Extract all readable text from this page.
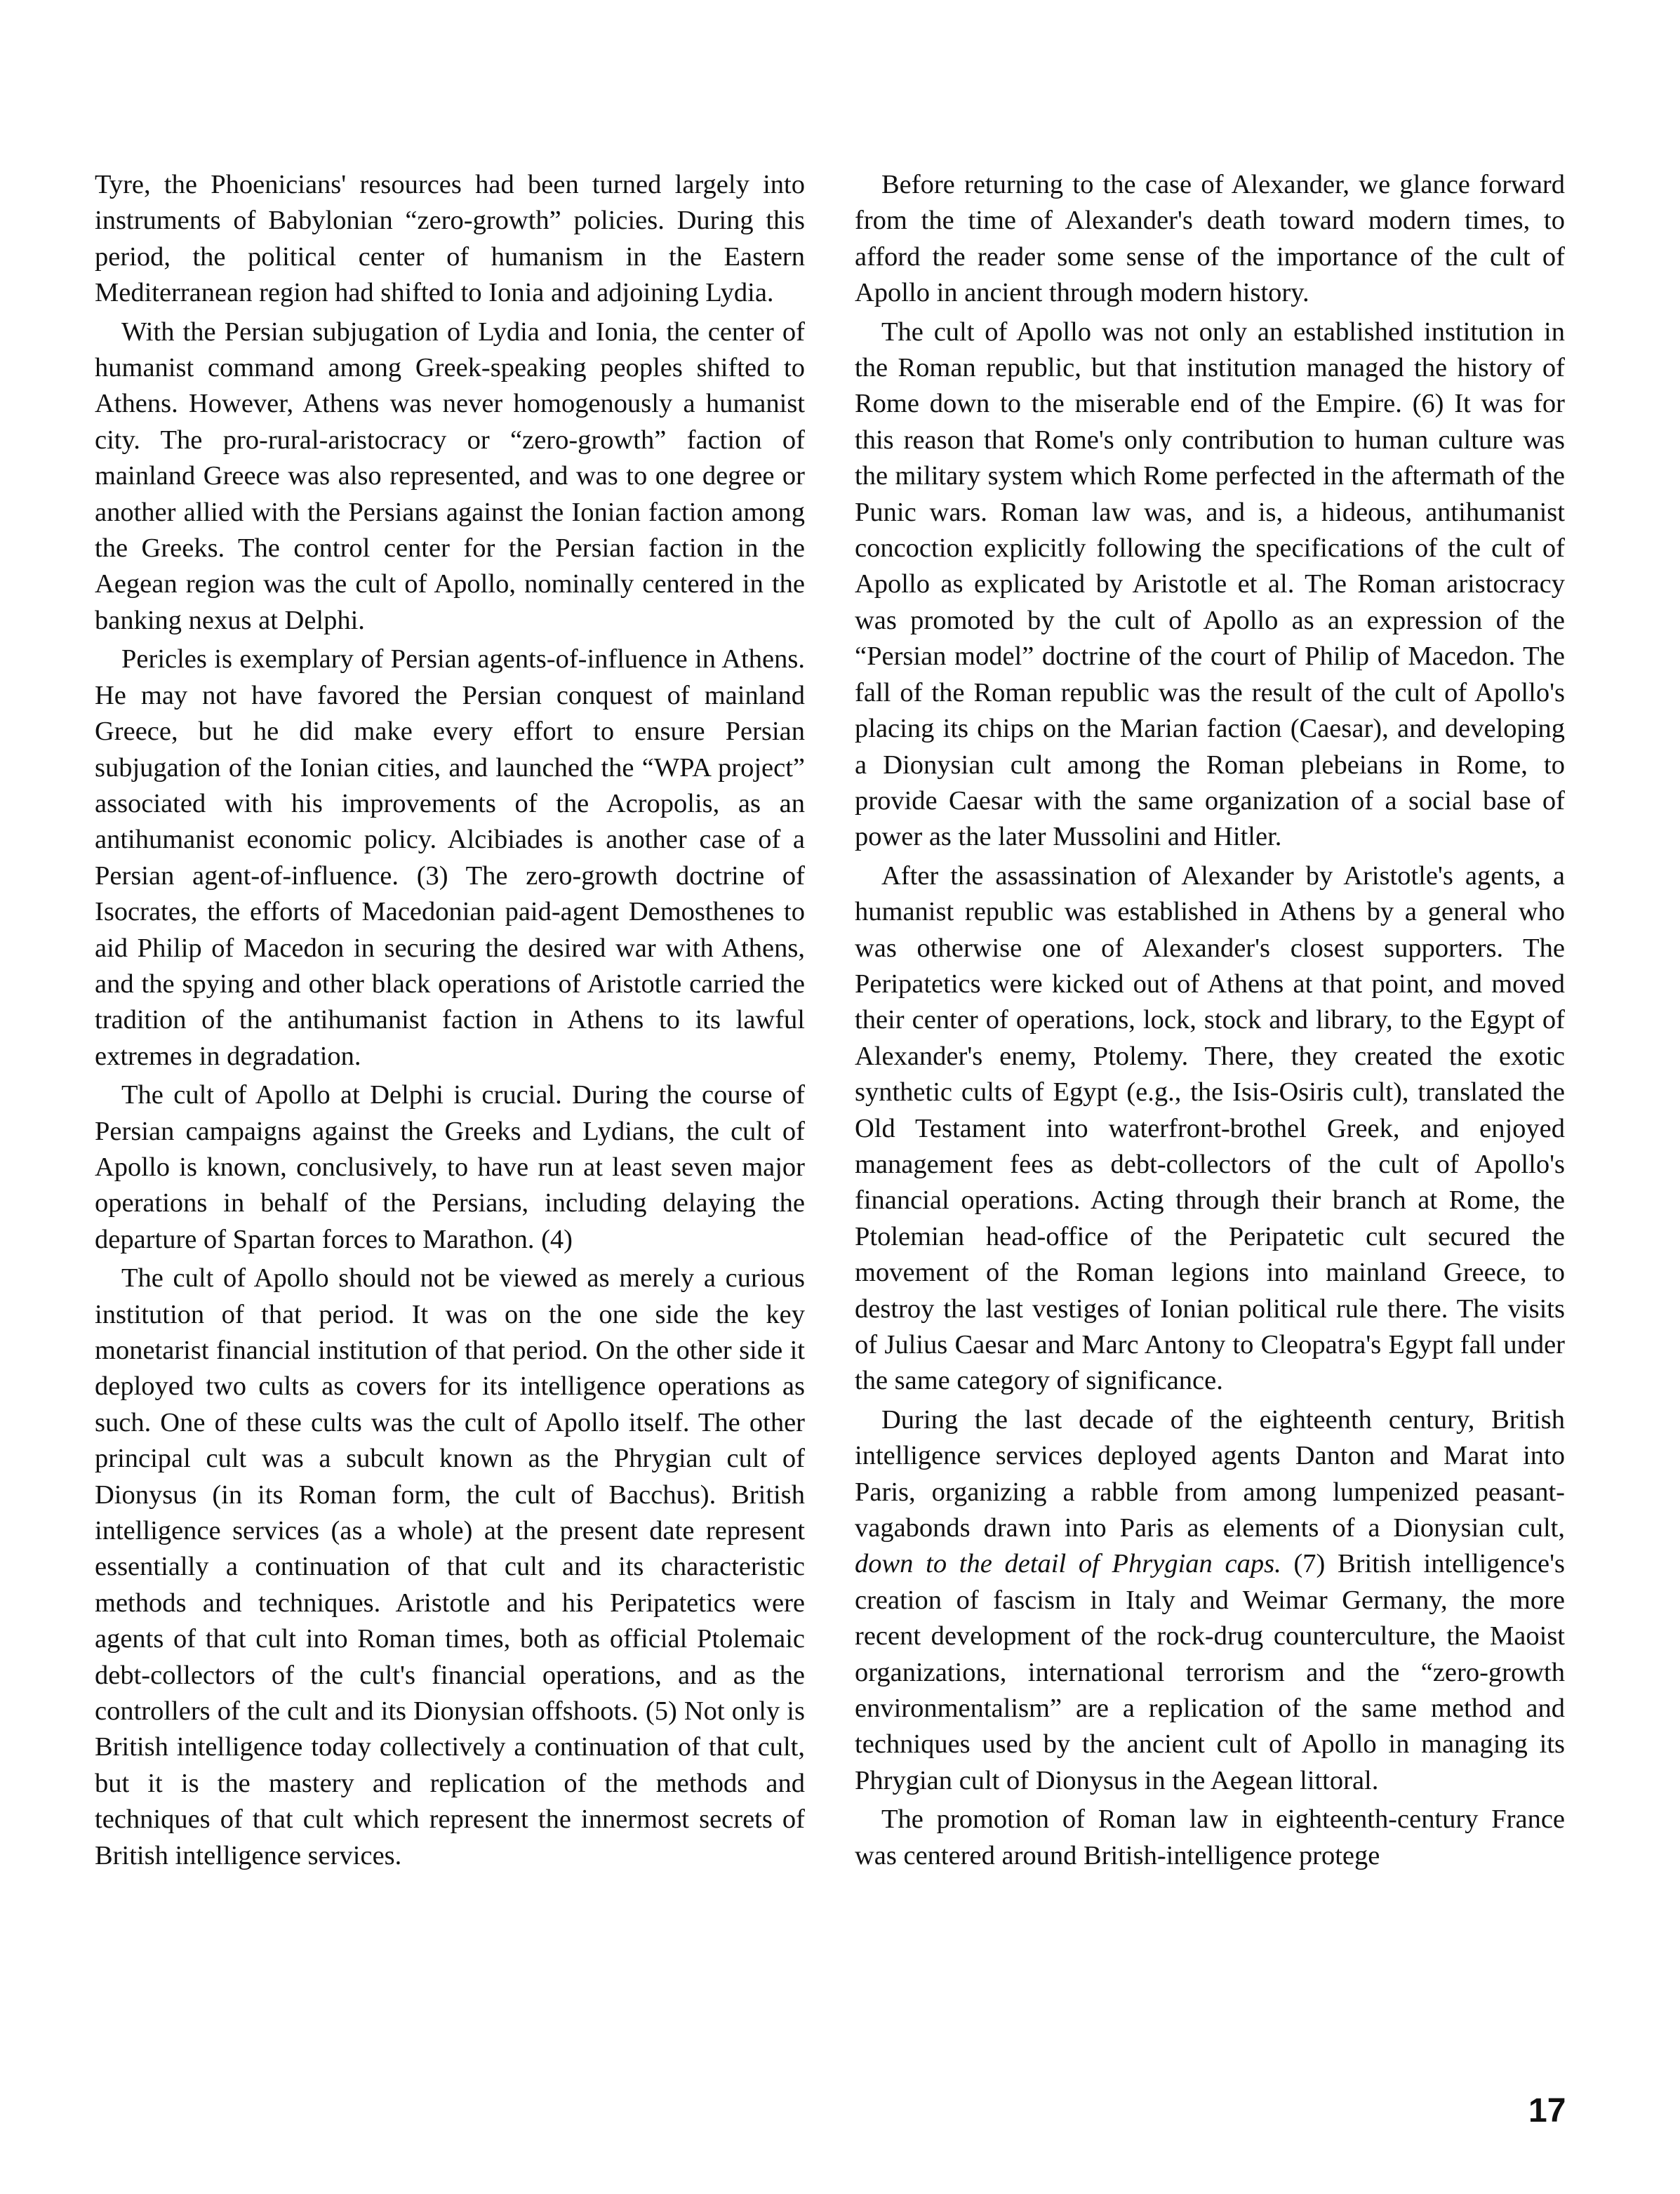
Tyre, the Phoenicians' resources had been turned largely into instruments of Babylonian “zero-growth” policies. During this period, the political center of humanism in the Eastern Mediterranean region had shifted to Ionia and adjoining Lydia.

With the Persian subjugation of Lydia and Ionia, the center of humanist command among Greek-speaking peoples shifted to Athens. However, Athens was never homogenously a humanist city. The pro-rural-aristocracy or “zero-growth” faction of mainland Greece was also represented, and was to one degree or another allied with the Persians against the Ionian faction among the Greeks. The control center for the Persian faction in the Aegean region was the cult of Apollo, nominally centered in the banking nexus at Delphi.

Pericles is exemplary of Persian agents-of-influence in Athens. He may not have favored the Persian conquest of mainland Greece, but he did make every effort to ensure Persian subjugation of the Ionian cities, and launched the “WPA project” associated with his improvements of the Acropolis, as an antihumanist economic policy. Alcibiades is another case of a Persian agent-of-influence. (3) The zero-growth doctrine of Isocrates, the efforts of Macedonian paid-agent Demosthenes to aid Philip of Macedon in securing the desired war with Athens, and the spying and other black operations of Aristotle carried the tradition of the antihumanist faction in Athens to its lawful extremes in degradation.

The cult of Apollo at Delphi is crucial. During the course of Persian campaigns against the Greeks and Lydians, the cult of Apollo is known, conclusively, to have run at least seven major operations in behalf of the Persians, including delaying the departure of Spartan forces to Marathon. (4)

The cult of Apollo should not be viewed as merely a curious institution of that period. It was on the one side the key monetarist financial institution of that period. On the other side it deployed two cults as covers for its intelligence operations as such. One of these cults was the cult of Apollo itself. The other principal cult was a subcult known as the Phrygian cult of Dionysus (in its Roman form, the cult of Bacchus). British intelligence services (as a whole) at the present date represent essentially a continuation of that cult and its characteristic methods and techniques. Aristotle and his Peripatetics were agents of that cult into Roman times, both as official Ptolemaic debt-collectors of the cult's financial operations, and as the controllers of the cult and its Dionysian offshoots. (5) Not only is British intelligence today collectively a continuation of that cult, but it is the mastery and replication of the methods and techniques of that cult which represent the innermost secrets of British intelligence services.

Before returning to the case of Alexander, we glance forward from the time of Alexander's death toward modern times, to afford the reader some sense of the importance of the cult of Apollo in ancient through modern history.

The cult of Apollo was not only an established institution in the Roman republic, but that institution managed the history of Rome down to the miserable end of the Empire. (6) It was for this reason that Rome's only contribution to human culture was the military system which Rome perfected in the aftermath of the Punic wars. Roman law was, and is, a hideous, antihumanist concoction explicitly following the specifications of the cult of Apollo as explicated by Aristotle et al. The Roman aristocracy was promoted by the cult of Apollo as an expression of the “Persian model” doctrine of the court of Philip of Macedon. The fall of the Roman republic was the result of the cult of Apollo's placing its chips on the Marian faction (Caesar), and developing a Dionysian cult among the Roman plebeians in Rome, to provide Caesar with the same organization of a social base of power as the later Mussolini and Hitler.

After the assassination of Alexander by Aristotle's agents, a humanist republic was established in Athens by a general who was otherwise one of Alexander's closest supporters. The Peripatetics were kicked out of Athens at that point, and moved their center of operations, lock, stock and library, to the Egypt of Alexander's enemy, Ptolemy. There, they created the exotic synthetic cults of Egypt (e.g., the Isis-Osiris cult), translated the Old Testament into waterfront-brothel Greek, and enjoyed management fees as debt-collectors of the cult of Apollo's financial operations. Acting through their branch at Rome, the Ptolemian head-office of the Peripatetic cult secured the movement of the Roman legions into mainland Greece, to destroy the last vestiges of Ionian political rule there. The visits of Julius Caesar and Marc Antony to Cleopatra's Egypt fall under the same category of significance.

During the last decade of the eighteenth century, British intelligence services deployed agents Danton and Marat into Paris, organizing a rabble from among lumpenized peasant-vagabonds drawn into Paris as elements of a Dionysian cult, down to the detail of Phrygian caps. (7) British intelligence's creation of fascism in Italy and Weimar Germany, the more recent development of the rock-drug counterculture, the Maoist organizations, international terrorism and the “zero-growth environmentalism” are a replication of the same method and techniques used by the ancient cult of Apollo in managing its Phrygian cult of Dionysus in the Aegean littoral.

The promotion of Roman law in eighteenth-century France was centered around British-intelligence protege

17
